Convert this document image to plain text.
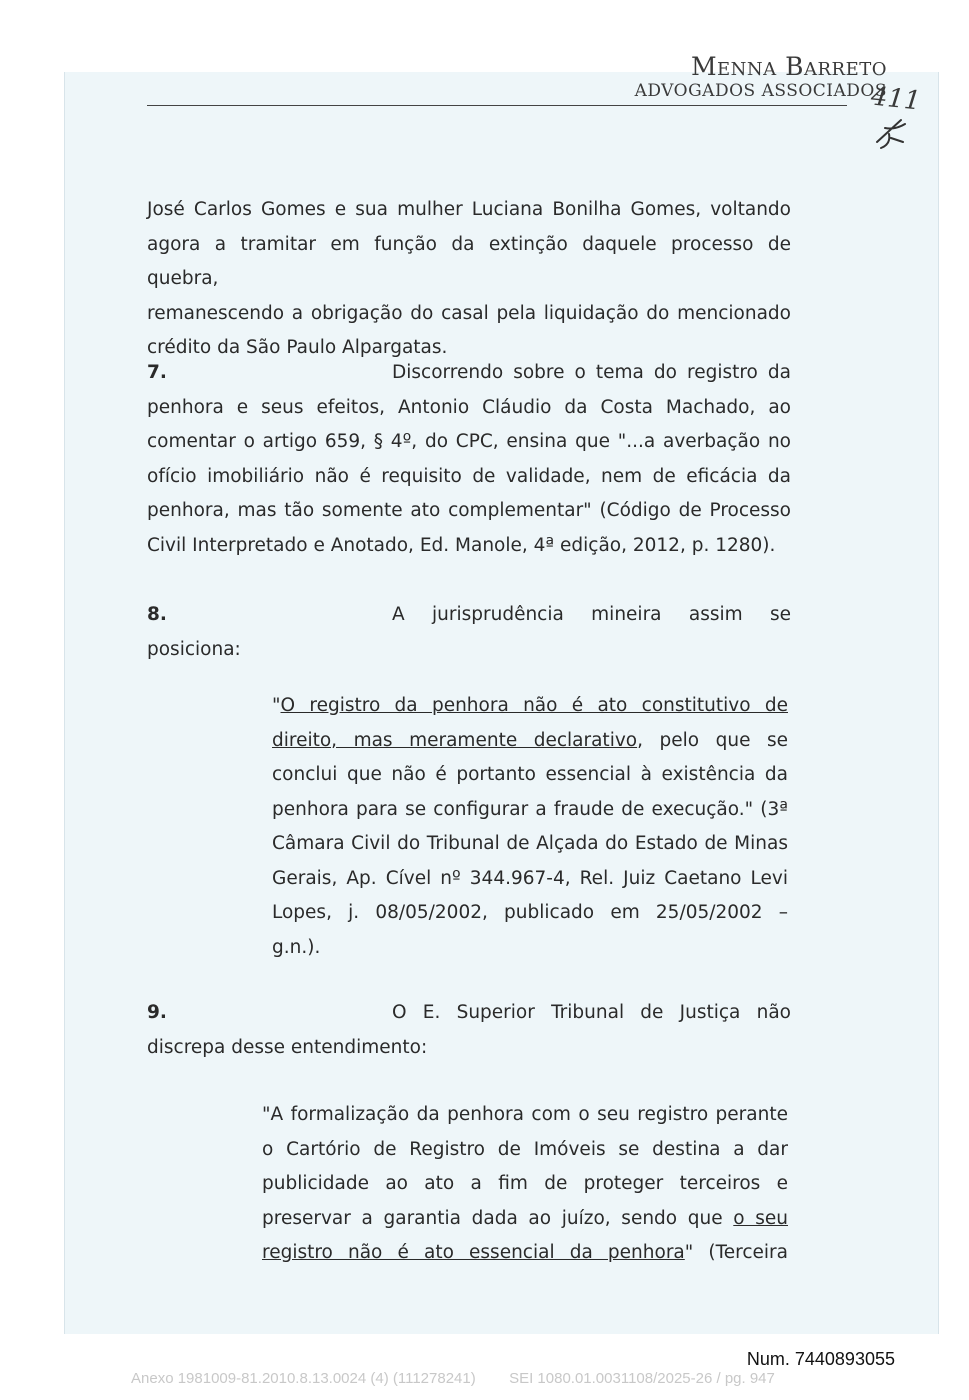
411
Menna Barreto
ADVOGADOS ASSOCIADOS
José Carlos Gomes e sua mulher Luciana Bonilha Gomes, voltando
agora a tramitar em função da extinção daquele processo de quebra,
remanescendo a obrigação do casal pela liquidação do mencionado
crédito da São Paulo Alpargatas.
7.	Discorrendo sobre o tema do registro da
penhora e seus efeitos, Antonio Cláudio da Costa Machado, ao
comentar o artigo 659, § 4º, do CPC, ensina que "...a averbação no
ofício imobiliário não é requisito de validade, nem de eficácia da
penhora, mas tão somente ato complementar" (Código de Processo
Civil Interpretado e Anotado, Ed. Manole, 4ª edição, 2012, p. 1280).
8.	A jurisprudência mineira assim se
posiciona:
"O registro da penhora não é ato constitutivo de
direito, mas meramente declarativo, pelo que se
conclui que não é portanto essencial à existência da
penhora para se configurar a fraude de execução." (3ª
Câmara Civil do Tribunal de Alçada do Estado de Minas
Gerais, Ap. Cível nº 344.967-4, Rel. Juiz Caetano Levi
Lopes, j. 08/05/2002, publicado em 25/05/2002 –
g.n.).
9.	O E. Superior Tribunal de Justiça não
discrepa desse entendimento:
"A formalização da penhora com o seu registro perante
o Cartório de Registro de Imóveis se destina a dar
publicidade ao ato a fim de proteger terceiros e
preservar a garantia dada ao juízo, sendo que o seu
registro não é ato essencial da penhora" (Terceira
Num. 7440893055
Anexo 1981009-81.2010.8.13.0024 (4) (111278241) SEI 1080.01.0031108/2025-26 / pg. 947
